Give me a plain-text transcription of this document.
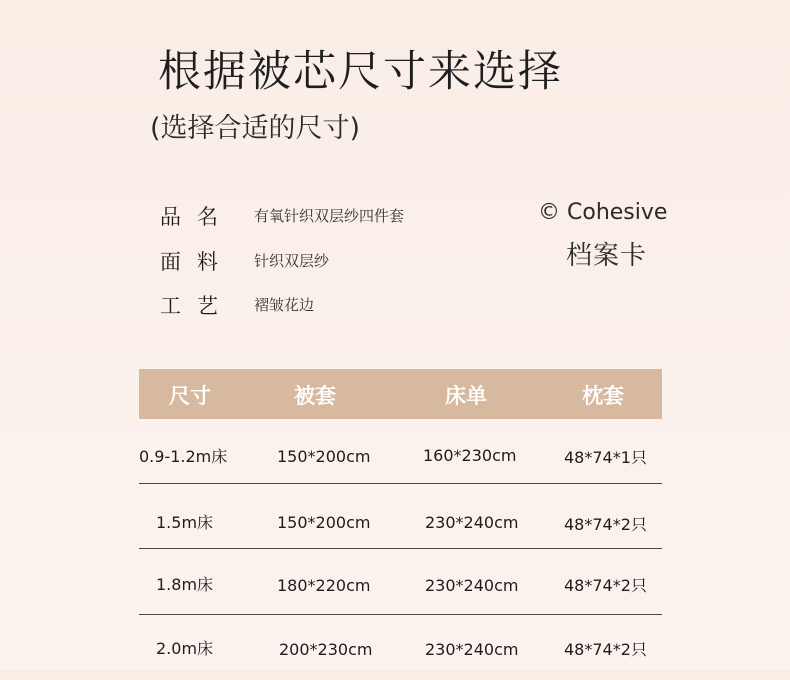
根据被芯尺寸来选择
(选择合适的尺寸)
品名	有氧针织双层纱四件套
面料	针织双层纱
工艺	褶皱花边
© Cohesive
档案卡
尺寸	被套	床单	枕套
0.9-1.2m床	150*200cm	160*230cm	48*74*1只
1.5m床	150*200cm	230*240cm	48*74*2只
1.8m床	180*220cm	230*240cm	48*74*2只
2.0m床	200*230cm	230*240cm	48*74*2只
